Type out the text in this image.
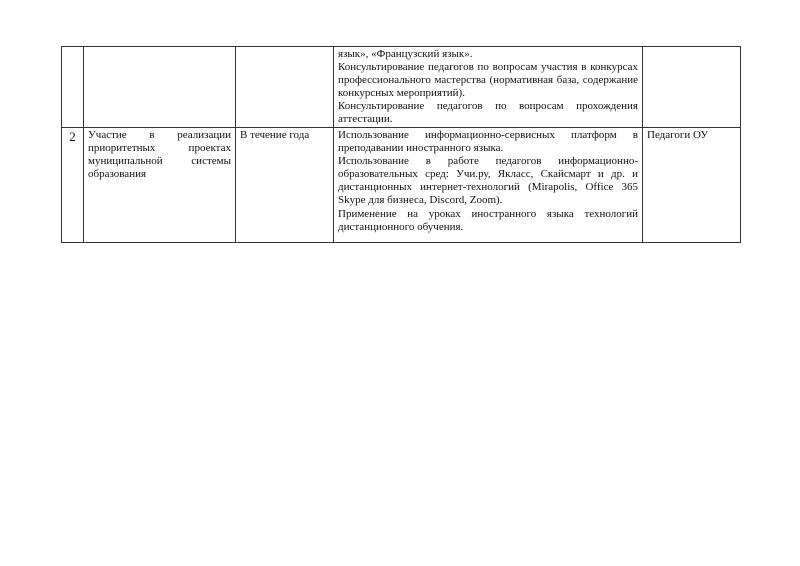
			язык», «Французский язык».

Консультирование педагогов по вопросам участия в конкурсах профессионального мастерства (нормативная база, содержание конкурсных мероприятий).

Консультирование педагогов по вопросам прохождения аттестации.	

2	Участие в реализации приоритетных проектах муниципальной системы образования	В течение года	Использование информационно-сервисных платформ в преподавании иностранного языка.

Использование в работе педагогов информационно-образовательных сред: Учи.ру, Якласс, Скайсмарт и др. и дистанционных интернет-технологий (Mirapolis, Office 365 Skype для бизнеса, Discord, Zoom).

Применение на уроках иностранного языка технологий дистанционного обучения.	Педагоги ОУ
